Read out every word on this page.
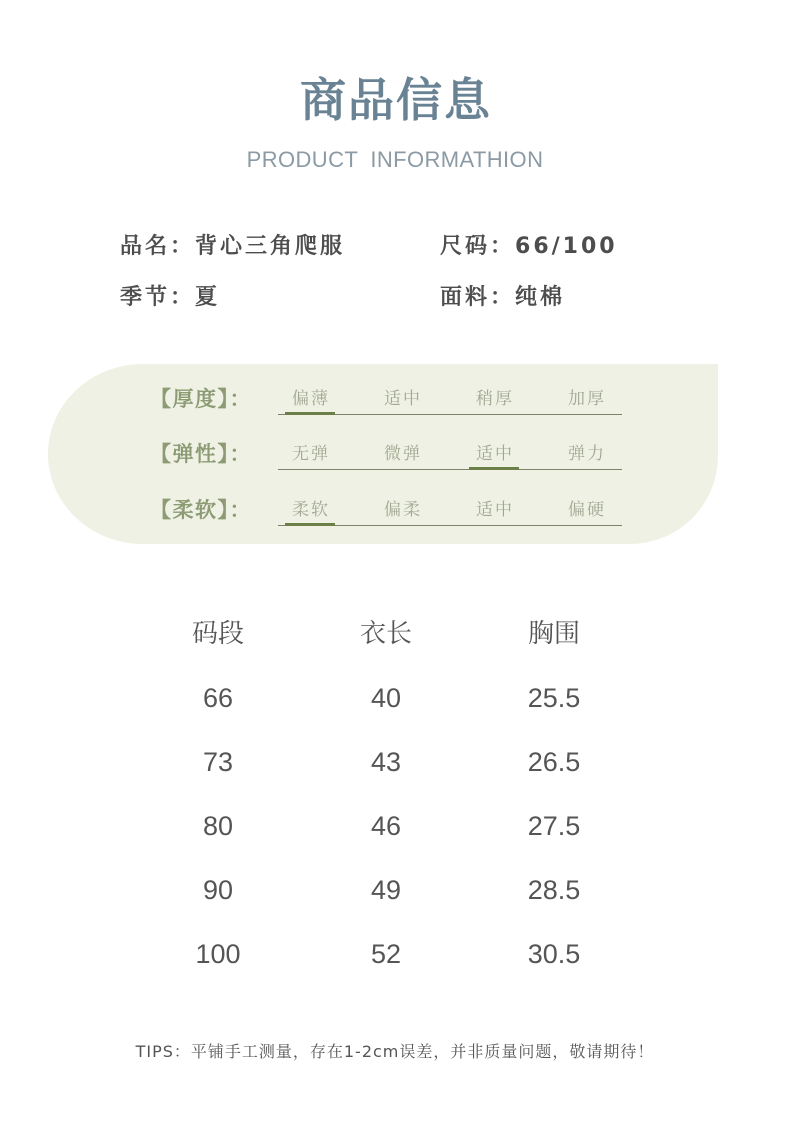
商品信息
PRODUCT INFORMATHION
品名：背心三角爬服	尺码：66/100
季节：夏	面料：纯棉
【厚度】：	偏薄	适中	稍厚	加厚
【弹性】：	无弹	微弹	适中	弹力
【柔软】：	柔软	偏柔	适中	偏硬
码段	衣长	胸围
66	40	25.5
73	43	26.5
80	46	27.5
90	49	28.5
100	52	30.5
TIPS：平铺手工测量，存在1-2cm误差，并非质量问题，敬请期待！
